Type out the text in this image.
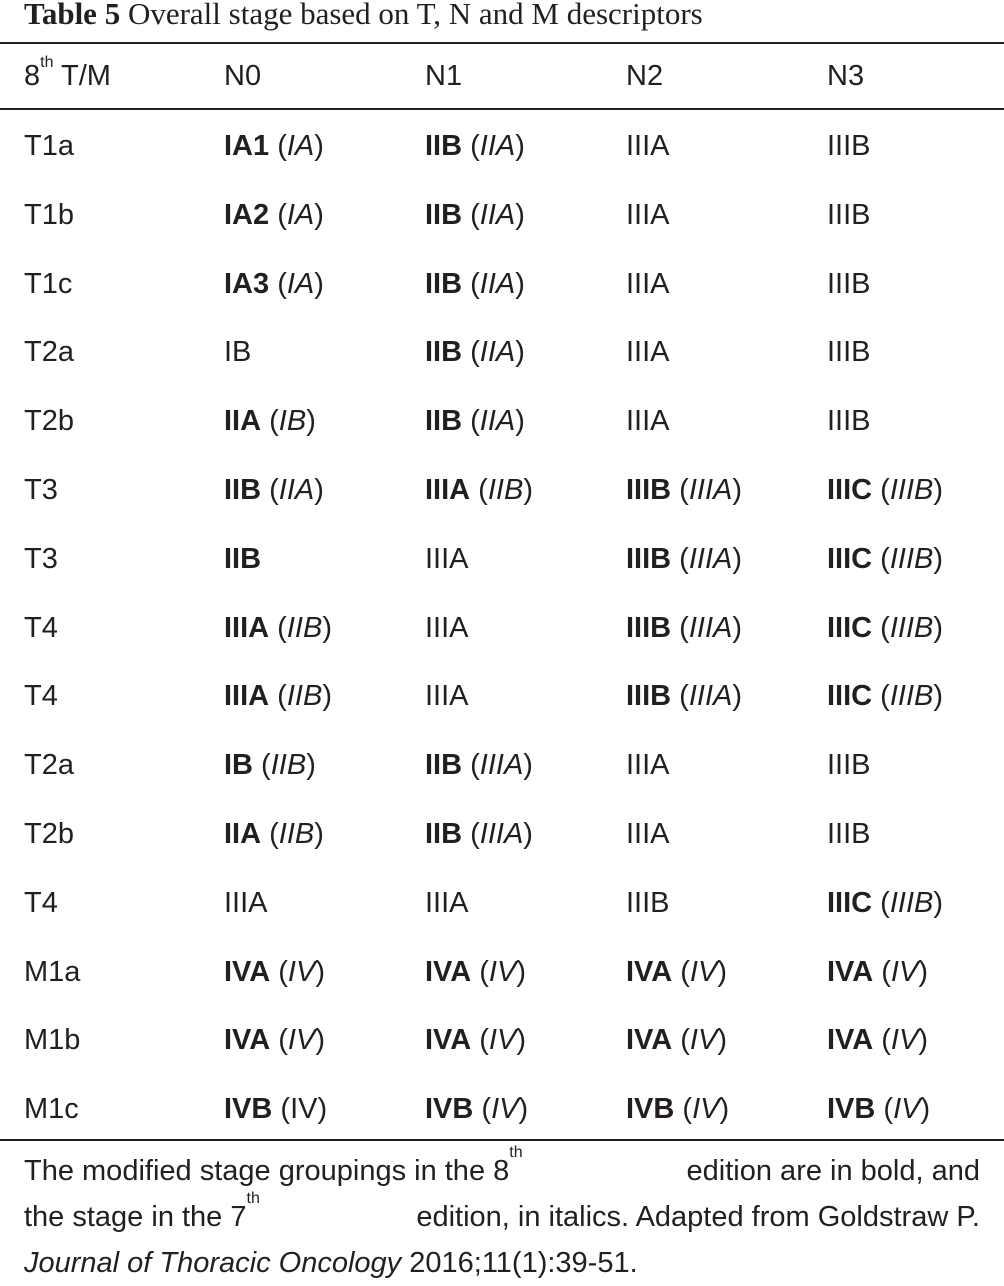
Table 5 Overall stage based on T, N and M descriptors
8th T/M	N0	N1	N2	N3
T1a	IA1 (IA)	IIB (IIA)	IIIA	IIIB
T1b	IA2 (IA)	IIB (IIA)	IIIA	IIIB
T1c	IA3 (IA)	IIB (IIA)	IIIA	IIIB
T2a	IB	IIB (IIA)	IIIA	IIIB
T2b	IIA (IB)	IIB (IIA)	IIIA	IIIB
T3	IIB (IIA)	IIIA (IIB)	IIIB (IIIA)	IIIC (IIIB)
T3	IIB	IIIA	IIIB (IIIA)	IIIC (IIIB)
T4	IIIA (IIB)	IIIA	IIIB (IIIA)	IIIC (IIIB)
T4	IIIA (IIB)	IIIA	IIIB (IIIA)	IIIC (IIIB)
T2a	IB (IIB)	IIB (IIIA)	IIIA	IIIB
T2b	IIA (IIB)	IIB (IIIA)	IIIA	IIIB
T4	IIIA	IIIA	IIIB	IIIC (IIIB)
M1a	IVA (IV)	IVA (IV)	IVA (IV)	IVA (IV)
M1b	IVA (IV)	IVA (IV)	IVA (IV)	IVA (IV)
M1c	IVB (IV)	IVB (IV)	IVB (IV)	IVB (IV)
The modified stage groupings in the 8th
edition are in bold, and
the stage in the 7th
edition, in italics. Adapted from Goldstraw P.
Journal of Thoracic Oncology 2016;11(1):39-51.
